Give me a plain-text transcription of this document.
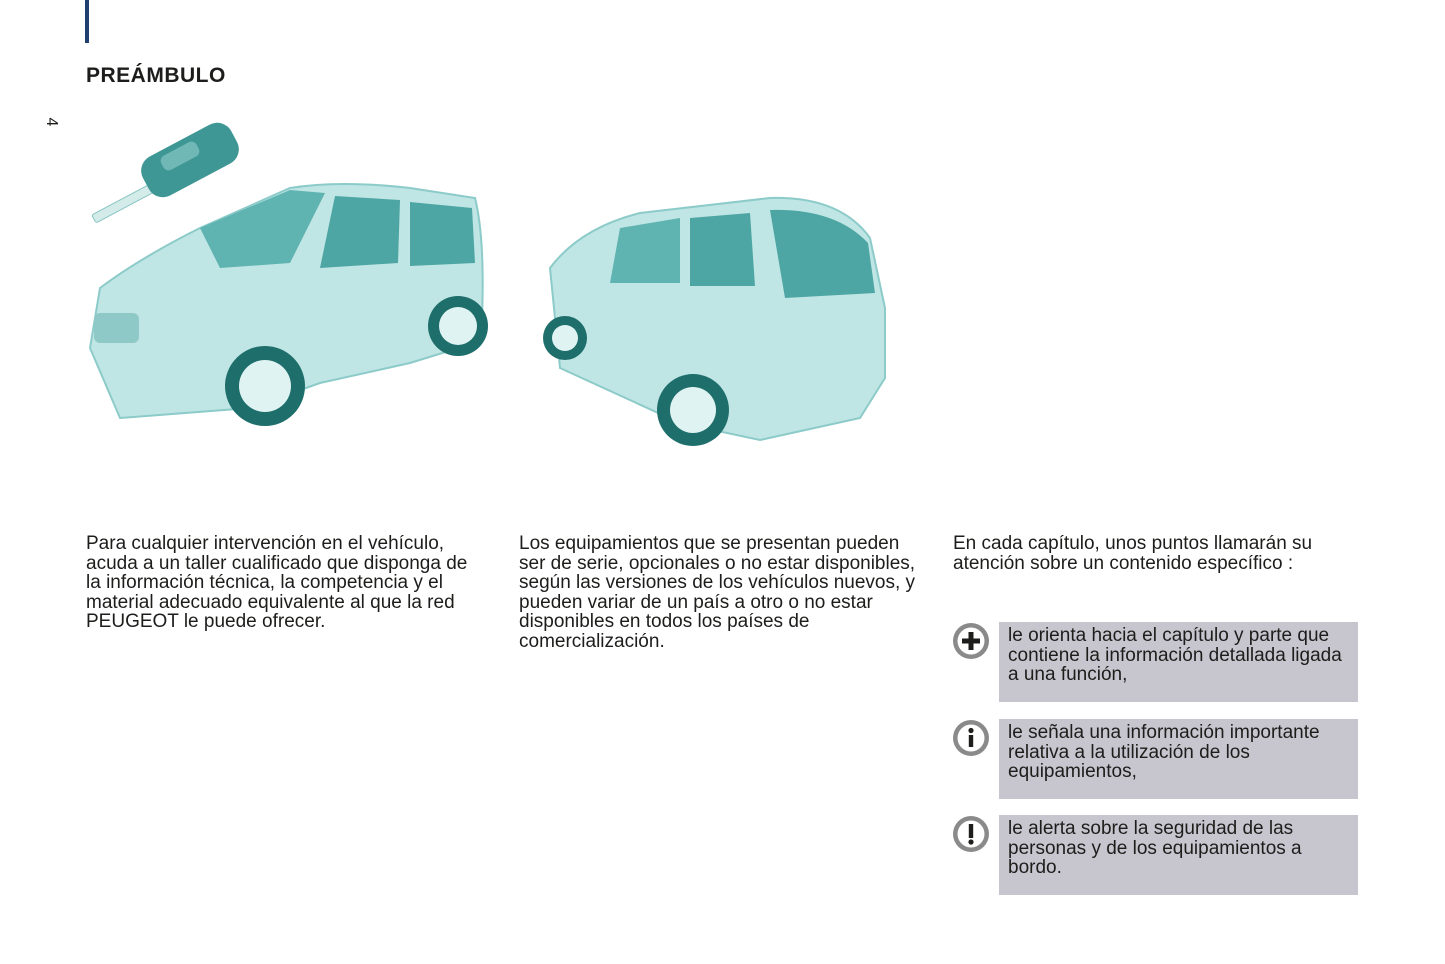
4
PREÁMBULO

Para cualquier intervención en el vehículo, acuda a un taller cualificado que disponga de la información técnica, la competencia y el material adecuado equivalente al que la red PEUGEOT le puede ofrecer.

Los equipamientos que se presentan pueden ser de serie, opcionales o no estar disponibles, según las versiones de los vehículos nuevos, y pueden variar de un país a otro o no estar disponibles en todos los países de comercialización.

En cada capítulo, unos puntos llamarán su atención sobre un contenido específico :

le orienta hacia el capítulo y parte que contiene la información detallada ligada a una función,

le señala una información importante relativa a la utilización de los equipamientos,

le alerta sobre la seguridad de las personas y de los equipamientos a bordo.
